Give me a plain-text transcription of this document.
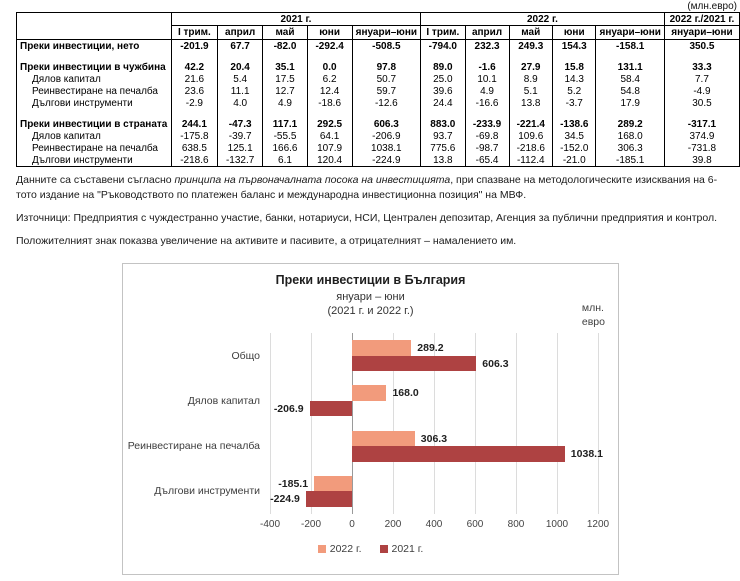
(млн.евро)
	2021 г.					2022 г.					2022 г./2021 г.
	I трим.	април	май	юни	януари–юни	I трим.	април	май	юни	януари–юни	януари–юни
Преки инвестиции, нето	-201.9	67.7	-82.0	-292.4	-508.5	-794.0	232.3	249.3	154.3	-158.1	350.5

Преки инвестиции в чужбина	42.2	20.4	35.1	0.0	97.8	89.0	-1.6	27.9	15.8	131.1	33.3
Дялов капитал	21.6	5.4	17.5	6.2	50.7	25.0	10.1	8.9	14.3	58.4	7.7
Реинвестиране на печалба	23.6	11.1	12.7	12.4	59.7	39.6	4.9	5.1	5.2	54.8	-4.9
Дългови инструменти	-2.9	4.0	4.9	-18.6	-12.6	24.4	-16.6	13.8	-3.7	17.9	30.5

Преки инвестиции в страната	244.1	-47.3	117.1	292.5	606.3	883.0	-233.9	-221.4	-138.6	289.2	-317.1
Дялов капитал	-175.8	-39.7	-55.5	64.1	-206.9	93.7	-69.8	109.6	34.5	168.0	374.9
Реинвестиране на печалба	638.5	125.1	166.6	107.9	1038.1	775.6	-98.7	-218.6	-152.0	306.3	-731.8
Дългови инструменти	-218.6	-132.7	6.1	120.4	-224.9	13.8	-65.4	-112.4	-21.0	-185.1	39.8

Данните са съставени съгласно принципа на първоначалната посока на инвестицията, при спазване на методологическите изисквания на 6-тото издание на "Ръководството по платежен баланс и международна инвестиционна позиция" на МВФ.

Източници: Предприятия с чуждестранно участие, банки, нотариуси, НСИ, Централен депозитар, Агенция за публични предприятия и контрол.

Положителният знак показва увеличение на активите и пасивите, а отрицателният – намалението им.

Преки инвестиции в България
януари – юни
(2021 г. и 2022 г.)	млн.
евро
-400	-200	0	200	400	600	800	1000	1200
Общо
289.2
606.3
Дялов капитал
168.0
-206.9
Реинвестиране на печалба
306.3
1038.1
Дългови инструменти
-185.1
-224.9
2022 г.	2021 г.
